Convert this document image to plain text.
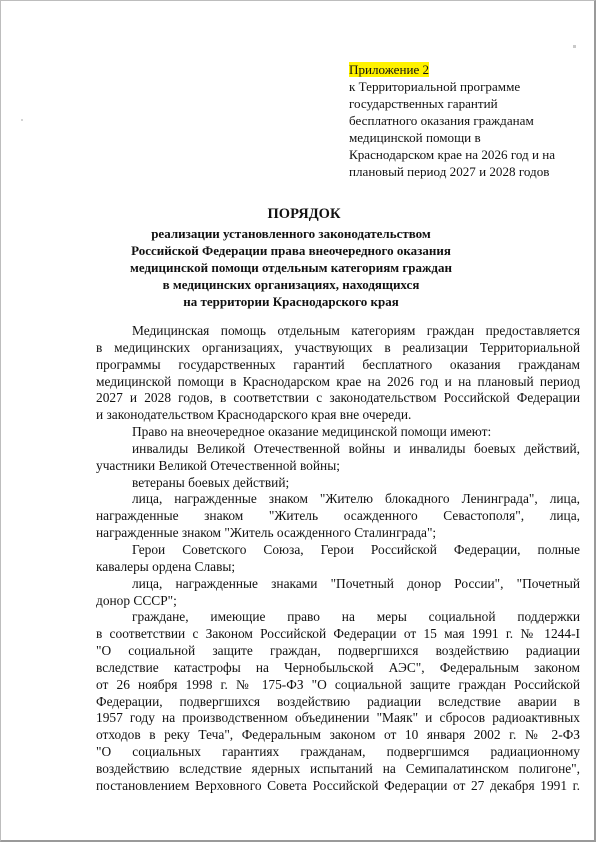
Приложение 2
к Территориальной программе
государственных гарантий
бесплатного оказания гражданам
медицинской помощи в
Краснодарском крае на 2026 год и на
плановый период 2027 и 2028 годов
ПОРЯДОК
реализации установленного законодательством
Российской Федерации права внеочередного оказания
медицинской помощи отдельным категориям граждан
в медицинских организациях, находящихся
на территории Краснодарского края
Медицинская помощь отдельным категориям граждан предоставляется
в медицинских организациях, участвующих в реализации Территориальной
программы государственных гарантий бесплатного оказания гражданам
медицинской помощи в Краснодарском крае на 2026 год и на плановый период
2027 и 2028 годов, в соответствии с законодательством Российской Федерации
и законодательством Краснодарского края вне очереди.
Право на внеочередное оказание медицинской помощи имеют:
инвалиды Великой Отечественной войны и инвалиды боевых действий,
участники Великой Отечественной войны;
ветераны боевых действий;
лица, награжденные знаком "Жителю блокадного Ленинграда", лица,
награжденные знаком "Житель осажденного Севастополя", лица,
награжденные знаком "Житель осажденного Сталинграда";
Герои Советского Союза, Герои Российской Федерации, полные
кавалеры ордена Славы;
лица, награжденные знаками "Почетный донор России", "Почетный
донор СССР";
граждане, имеющие право на меры социальной поддержки
в соответствии с Законом Российской Федерации от 15 мая 1991 г. № 1244-I
"О социальной защите граждан, подвергшихся воздействию радиации
вследствие катастрофы на Чернобыльской АЭС", Федеральным законом
от 26 ноября 1998 г. № 175-ФЗ "О социальной защите граждан Российской
Федерации, подвергшихся воздействию радиации вследствие аварии в
1957 году на производственном объединении "Маяк" и сбросов радиоактивных
отходов в реку Теча", Федеральным законом от 10 января 2002 г. № 2-ФЗ
"О социальных гарантиях гражданам, подвергшимся радиационному
воздействию вследствие ядерных испытаний на Семипалатинском полигоне",
постановлением Верховного Совета Российской Федерации от 27 декабря 1991 г.
